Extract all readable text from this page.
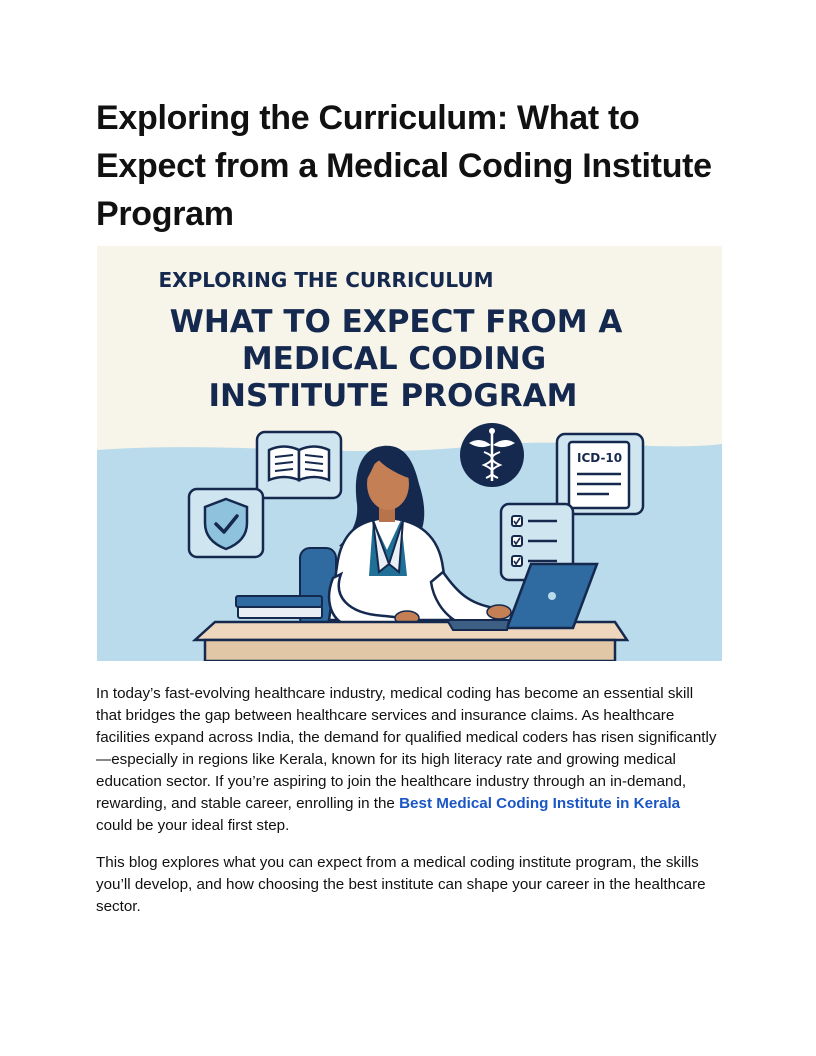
Exploring the Curriculum: What to Expect from a Medical Coding Institute Program
EXPLORING THE CURRICULUM
WHAT TO EXPECT FROM A
MEDICAL CODING
INSTITUTE PROGRAM
ICD-10

In today’s fast-evolving healthcare industry, medical coding has become an essential skill that bridges the gap between healthcare services and insurance claims. As healthcare facilities expand across India, the demand for qualified medical coders has risen significantly—especially in regions like Kerala, known for its high literacy rate and growing medical education sector. If you’re aspiring to join the healthcare industry through an in-demand, rewarding, and stable career, enrolling in the Best Medical Coding Institute in Kerala could be your ideal first step.

This blog explores what you can expect from a medical coding institute program, the skills you’ll develop, and how choosing the best institute can shape your career in the healthcare sector.
